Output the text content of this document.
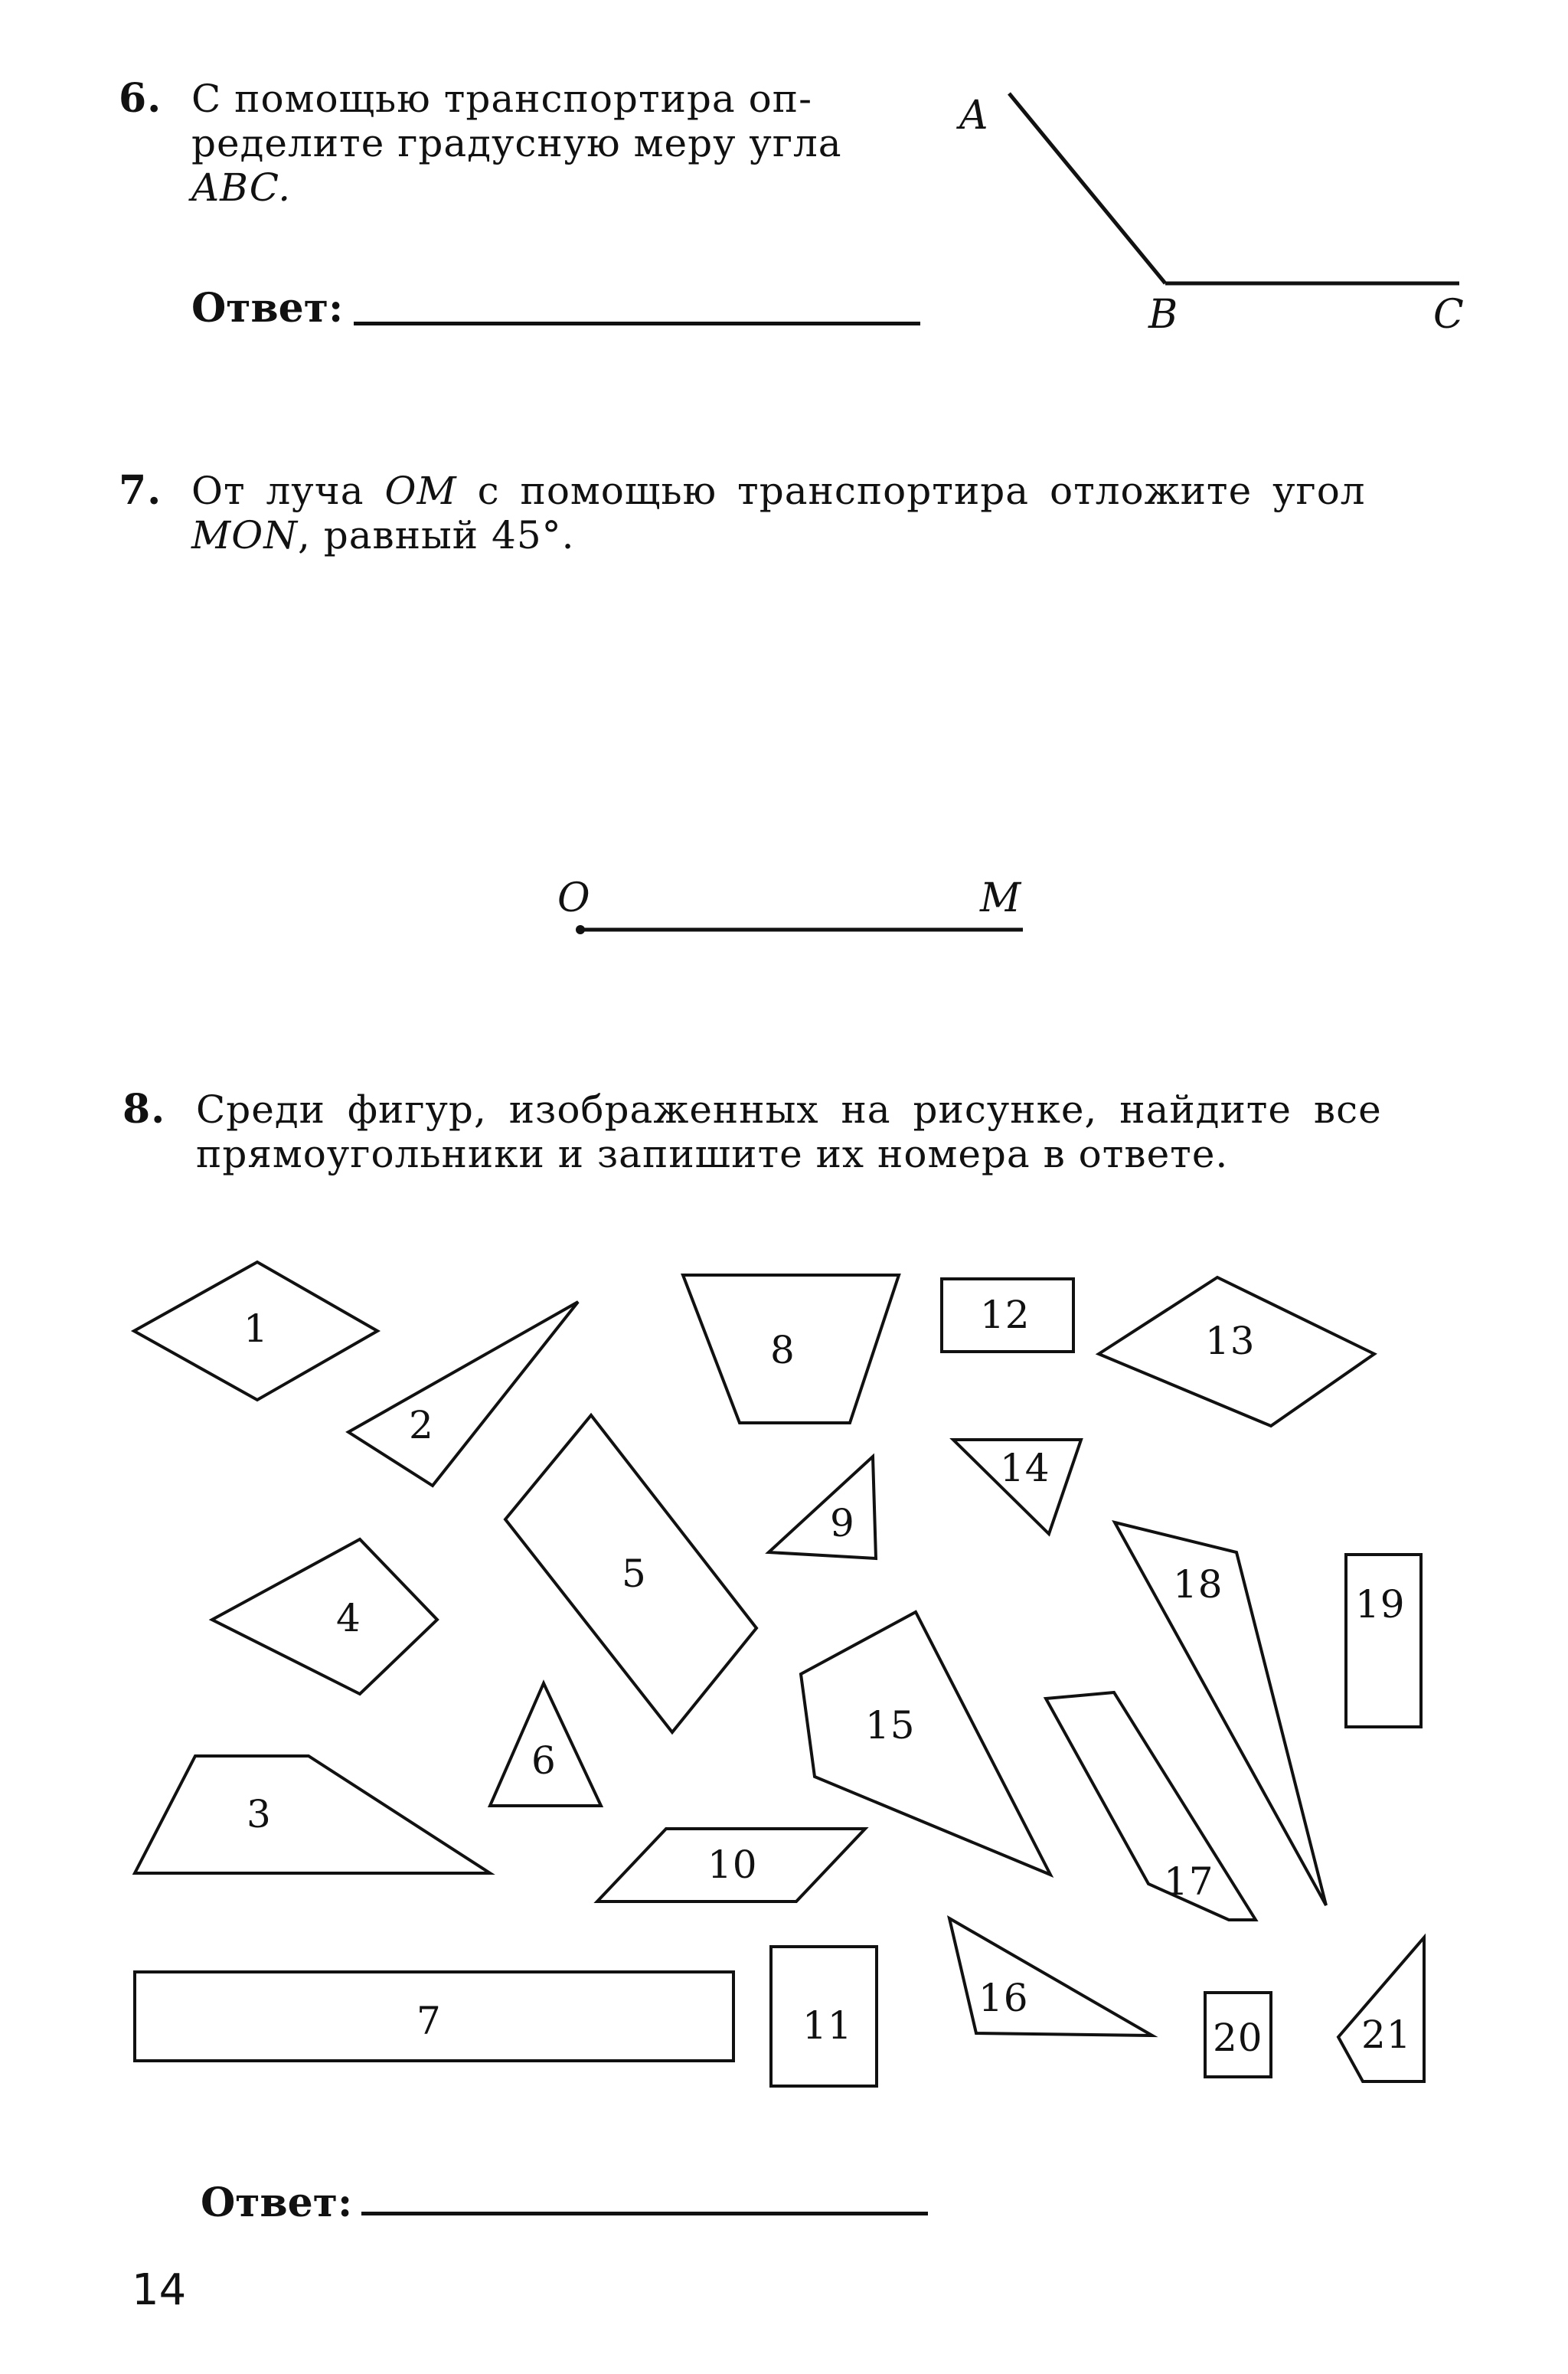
6. С помощью транспортира оп-
ределите градусную меру угла
ABC.
Ответ:
A
B	C
7. От луча OM с помощью транспортира отложите угол
MON, равный 45°.
O	M
8. Среди фигур, изображенных на рисунке, найдите все
прямоугольники и запишите их номера в ответе.
1
2
3
4
5
6
7
8
9
10
11
12
13
14
15
16
17
18	19
20	21
Ответ:
14
